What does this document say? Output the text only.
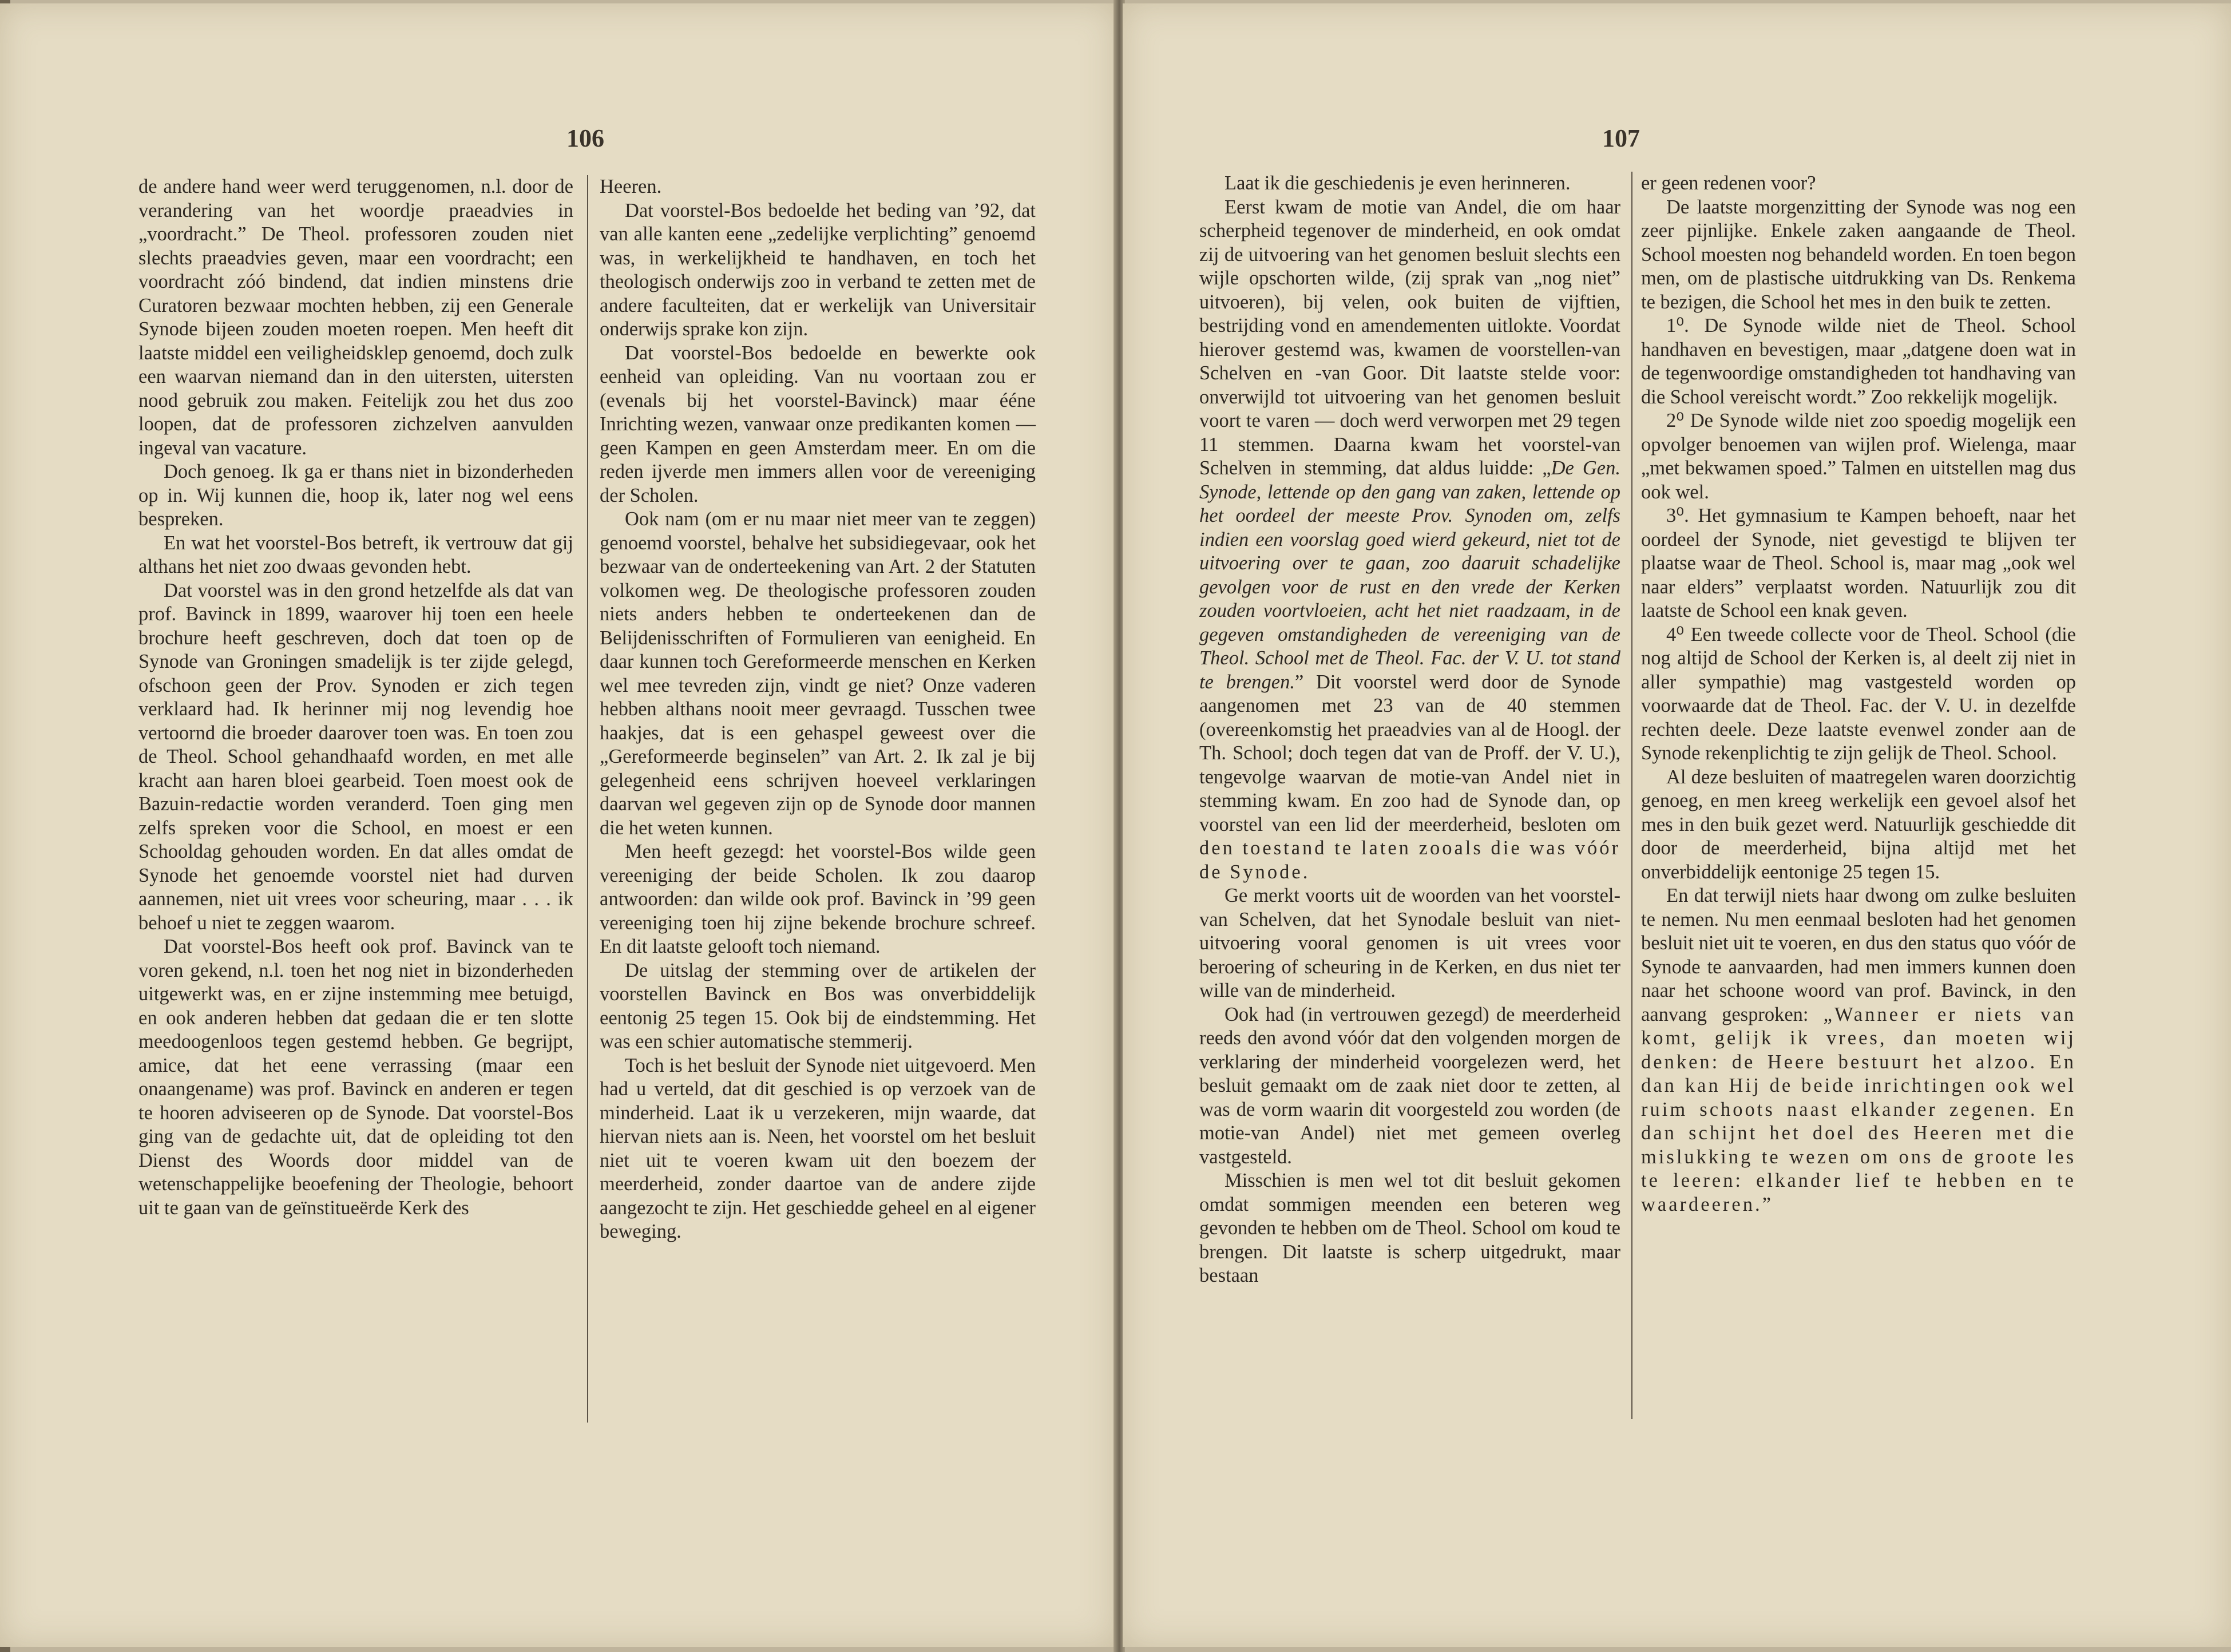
106

de andere hand weer werd teruggenomen, n.l. door de verandering van het woordje praeadvies in „voordracht.” De Theol. professoren zouden niet slechts praeadvies geven, maar een voordracht; een voordracht zóó bindend, dat indien minstens drie Curatoren bezwaar mochten hebben, zij een Generale Synode bijeen zouden moeten roepen. Men heeft dit laatste middel een veiligheidsklep genoemd, doch zulk een waarvan niemand dan in den uitersten, uitersten nood gebruik zou maken. Feitelijk zou het dus zoo loopen, dat de professoren zichzelven aanvulden ingeval van vacature.

Doch genoeg. Ik ga er thans niet in bizonderheden op in. Wij kunnen die, hoop ik, later nog wel eens bespreken.

En wat het voorstel-Bos betreft, ik vertrouw dat gij althans het niet zoo dwaas gevonden hebt.

Dat voorstel was in den grond hetzelfde als dat van prof. Bavinck in 1899, waarover hij toen een heele brochure heeft geschreven, doch dat toen op de Synode van Groningen smadelijk is ter zijde gelegd, ofschoon geen der Prov. Synoden er zich tegen verklaard had. Ik herinner mij nog levendig hoe vertoornd die broeder daarover toen was. En toen zou de Theol. School gehandhaafd worden, en met alle kracht aan haren bloei gearbeid. Toen moest ook de Bazuin-redactie worden veranderd. Toen ging men zelfs spreken voor die School, en moest er een Schooldag gehouden worden. En dat alles omdat de Synode het genoemde voorstel niet had durven aannemen, niet uit vrees voor scheuring, maar . . . ik behoef u niet te zeggen waarom.

Dat voorstel-Bos heeft ook prof. Bavinck van te voren gekend, n.l. toen het nog niet in bizonderheden uitgewerkt was, en er zijne instemming mee betuigd, en ook anderen hebben dat gedaan die er ten slotte meedoogenloos tegen gestemd hebben. Ge begrijpt, amice, dat het eene verrassing (maar een onaangename) was prof. Bavinck en anderen er tegen te hooren adviseeren op de Synode. Dat voorstel-Bos ging van de gedachte uit, dat de opleiding tot den Dienst des Woords door middel van de wetenschappelijke beoefening der Theologie, behoort uit te gaan van de geïnstitueërde Kerk des

Heeren.

Dat voorstel-Bos bedoelde het beding van ’92, dat van alle kanten eene „zedelijke verplichting” genoemd was, in werkelijkheid te handhaven, en toch het theologisch onderwijs zoo in verband te zetten met de andere faculteiten, dat er werkelijk van Universitair onderwijs sprake kon zijn.

Dat voorstel-Bos bedoelde en bewerkte ook eenheid van opleiding. Van nu voortaan zou er (evenals bij het voorstel-Bavinck) maar ééne Inrichting wezen, vanwaar onze predikanten komen — geen Kampen en geen Amsterdam meer. En om die reden ijverde men immers allen voor de vereeniging der Scholen.

Ook nam (om er nu maar niet meer van te zeggen) genoemd voorstel, behalve het subsidiegevaar, ook het bezwaar van de onderteekening van Art. 2 der Statuten volkomen weg. De theologische professoren zouden niets anders hebben te onderteekenen dan de Belijdenisschriften of Formulieren van eenigheid. En daar kunnen toch Gereformeerde menschen en Kerken wel mee tevreden zijn, vindt ge niet? Onze vaderen hebben althans nooit meer gevraagd. Tusschen twee haakjes, dat is een gehaspel geweest over die „Gereformeerde beginselen” van Art. 2. Ik zal je bij gelegenheid eens schrijven hoeveel verklaringen daarvan wel gegeven zijn op de Synode door mannen die het weten kunnen.

Men heeft gezegd: het voorstel-Bos wilde geen vereeniging der beide Scholen. Ik zou daarop antwoorden: dan wilde ook prof. Bavinck in ’99 geen vereeniging toen hij zijne bekende brochure schreef. En dit laatste gelooft toch niemand.

De uitslag der stemming over de artikelen der voorstellen Bavinck en Bos was onverbiddelijk eentonig 25 tegen 15. Ook bij de eindstemming. Het was een schier automatische stemmerij.

Toch is het besluit der Synode niet uitgevoerd. Men had u verteld, dat dit geschied is op verzoek van de minderheid. Laat ik u verzekeren, mijn waarde, dat hiervan niets aan is. Neen, het voorstel om het besluit niet uit te voeren kwam uit den boezem der meerderheid, zonder daartoe van de andere zijde aangezocht te zijn. Het geschiedde geheel en al eigener beweging.

107

Laat ik die geschiedenis je even herinneren.

Eerst kwam de motie van Andel, die om haar scherpheid tegenover de minderheid, en ook omdat zij de uitvoering van het genomen besluit slechts een wijle opschorten wilde, (zij sprak van „nog niet” uitvoeren), bij velen, ook buiten de vijftien, bestrijding vond en amendementen uitlokte. Voordat hierover gestemd was, kwamen de voorstellen-van Schelven en -van Goor. Dit laatste stelde voor: onverwijld tot uitvoering van het genomen besluit voort te varen — doch werd verworpen met 29 tegen 11 stemmen. Daarna kwam het voorstel-van Schelven in stemming, dat aldus luidde: „De Gen. Synode, lettende op den gang van zaken, lettende op het oordeel der meeste Prov. Synoden om, zelfs indien een voorslag goed wierd gekeurd, niet tot de uitvoering over te gaan, zoo daaruit schadelijke gevolgen voor de rust en den vrede der Kerken zouden voortvloeien, acht het niet raadzaam, in de gegeven omstandigheden de vereeniging van de Theol. School met de Theol. Fac. der V. U. tot stand te brengen.” Dit voorstel werd door de Synode aangenomen met 23 van de 40 stemmen (overeenkomstig het praeadvies van al de Hoogl. der Th. School; doch tegen dat van de Proff. der V. U.), tengevolge waarvan de motie-van Andel niet in stemming kwam. En zoo had de Synode dan, op voorstel van een lid der meerderheid, besloten om den toestand te laten zooals die was vóór de Synode.

Ge merkt voorts uit de woorden van het voorstel-van Schelven, dat het Synodale besluit van niet-uitvoering vooral genomen is uit vrees voor beroering of scheuring in de Kerken, en dus niet ter wille van de minderheid.

Ook had (in vertrouwen gezegd) de meerderheid reeds den avond vóór dat den volgenden morgen de verklaring der minderheid voorgelezen werd, het besluit gemaakt om de zaak niet door te zetten, al was de vorm waarin dit voorgesteld zou worden (de motie-van Andel) niet met gemeen overleg vastgesteld.

Misschien is men wel tot dit besluit gekomen omdat sommigen meenden een beteren weg gevonden te hebben om de Theol. School om koud te brengen. Dit laatste is scherp uitgedrukt, maar bestaan

er geen redenen voor?

De laatste morgenzitting der Synode was nog een zeer pijnlijke. Enkele zaken aangaande de Theol. School moesten nog behandeld worden. En toen begon men, om de plastische uitdrukking van Ds. Renkema te bezigen, die School het mes in den buik te zetten.

1⁰. De Synode wilde niet de Theol. School handhaven en bevestigen, maar „datgene doen wat in de tegenwoordige omstandigheden tot handhaving van die School vereischt wordt.” Zoo rekkelijk mogelijk.

2⁰ De Synode wilde niet zoo spoedig mogelijk een opvolger benoemen van wijlen prof. Wielenga, maar „met bekwamen spoed.” Talmen en uitstellen mag dus ook wel.

3⁰. Het gymnasium te Kampen behoeft, naar het oordeel der Synode, niet gevestigd te blijven ter plaatse waar de Theol. School is, maar mag „ook wel naar elders” verplaatst worden. Natuurlijk zou dit laatste de School een knak geven.

4⁰ Een tweede collecte voor de Theol. School (die nog altijd de School der Kerken is, al deelt zij niet in aller sympathie) mag vastgesteld worden op voorwaarde dat de Theol. Fac. der V. U. in dezelfde rechten deele. Deze laatste evenwel zonder aan de Synode rekenplichtig te zijn gelijk de Theol. School.

Al deze besluiten of maatregelen waren doorzichtig genoeg, en men kreeg werkelijk een gevoel alsof het mes in den buik gezet werd. Natuurlijk geschiedde dit door de meerderheid, bijna altijd met het onverbiddelijk eentonige 25 tegen 15.

En dat terwijl niets haar dwong om zulke besluiten te nemen. Nu men eenmaal besloten had het genomen besluit niet uit te voeren, en dus den status quo vóór de Synode te aanvaarden, had men immers kunnen doen naar het schoone woord van prof. Bavinck, in den aanvang gesproken: „Wanneer er niets van komt, gelijk ik vrees, dan moeten wij denken: de Heere bestuurt het alzoo. En dan kan Hij de beide inrichtingen ook wel ruim schoots naast elkander zegenen. En dan schijnt het doel des Heeren met die mislukking te wezen om ons de groote les te leeren: elkander lief te hebben en te waardeeren.”
